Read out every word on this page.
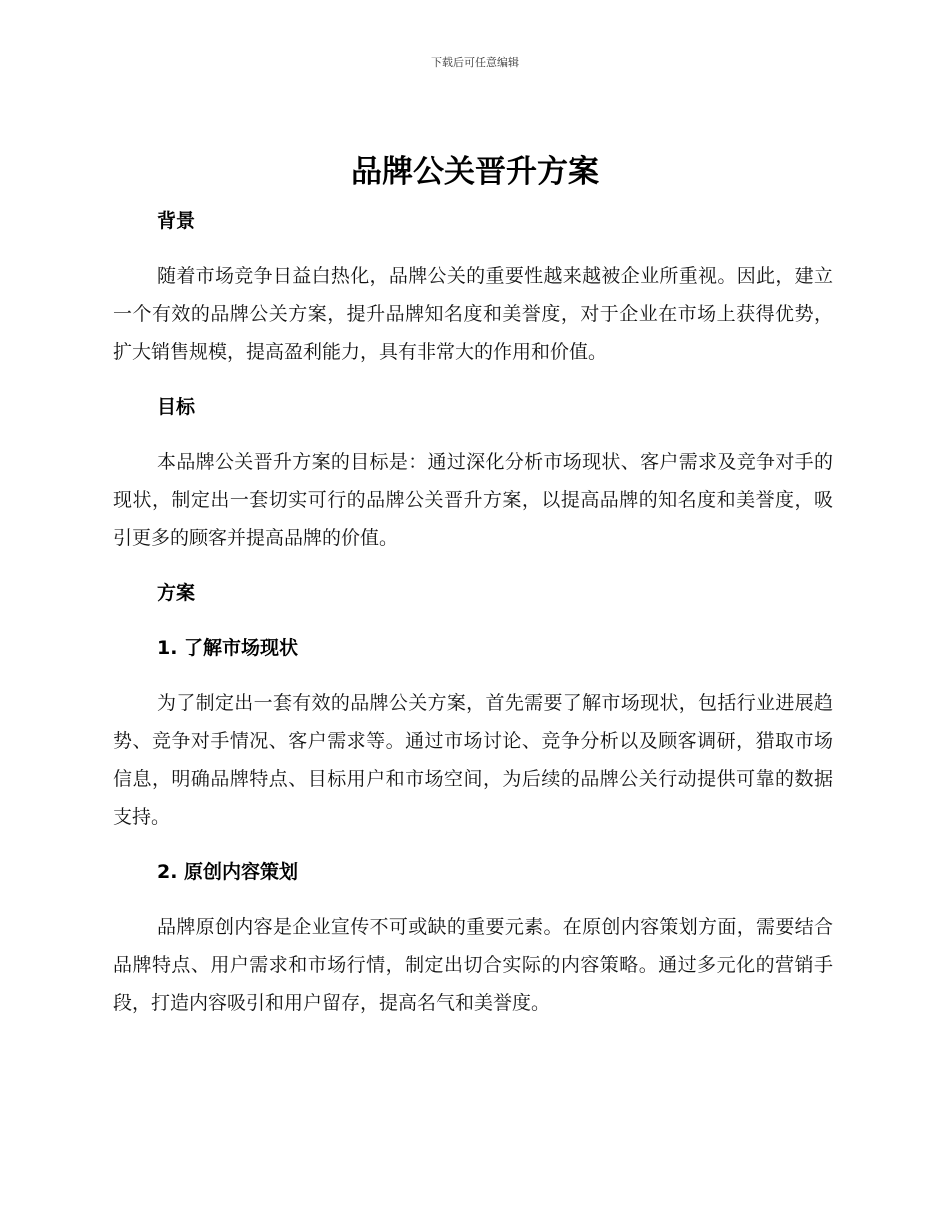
下载后可任意编辑
品牌公关晋升方案
背景
随着市场竞争日益白热化，品牌公关的重要性越来越被企业所重视。因此，建立一个有效的品牌公关方案，提升品牌知名度和美誉度，对于企业在市场上获得优势，扩大销售规模，提高盈利能力，具有非常大的作用和价值。
目标
本品牌公关晋升方案的目标是：通过深化分析市场现状、客户需求及竞争对手的现状，制定出一套切实可行的品牌公关晋升方案，以提高品牌的知名度和美誉度，吸引更多的顾客并提高品牌的价值。
方案
1. 了解市场现状
为了制定出一套有效的品牌公关方案，首先需要了解市场现状，包括行业进展趋势、竞争对手情况、客户需求等。通过市场讨论、竞争分析以及顾客调研，猎取市场信息，明确品牌特点、目标用户和市场空间，为后续的品牌公关行动提供可靠的数据支持。
2. 原创内容策划
品牌原创内容是企业宣传不可或缺的重要元素。在原创内容策划方面，需要结合品牌特点、用户需求和市场行情，制定出切合实际的内容策略。通过多元化的营销手段，打造内容吸引和用户留存，提高名气和美誉度。
